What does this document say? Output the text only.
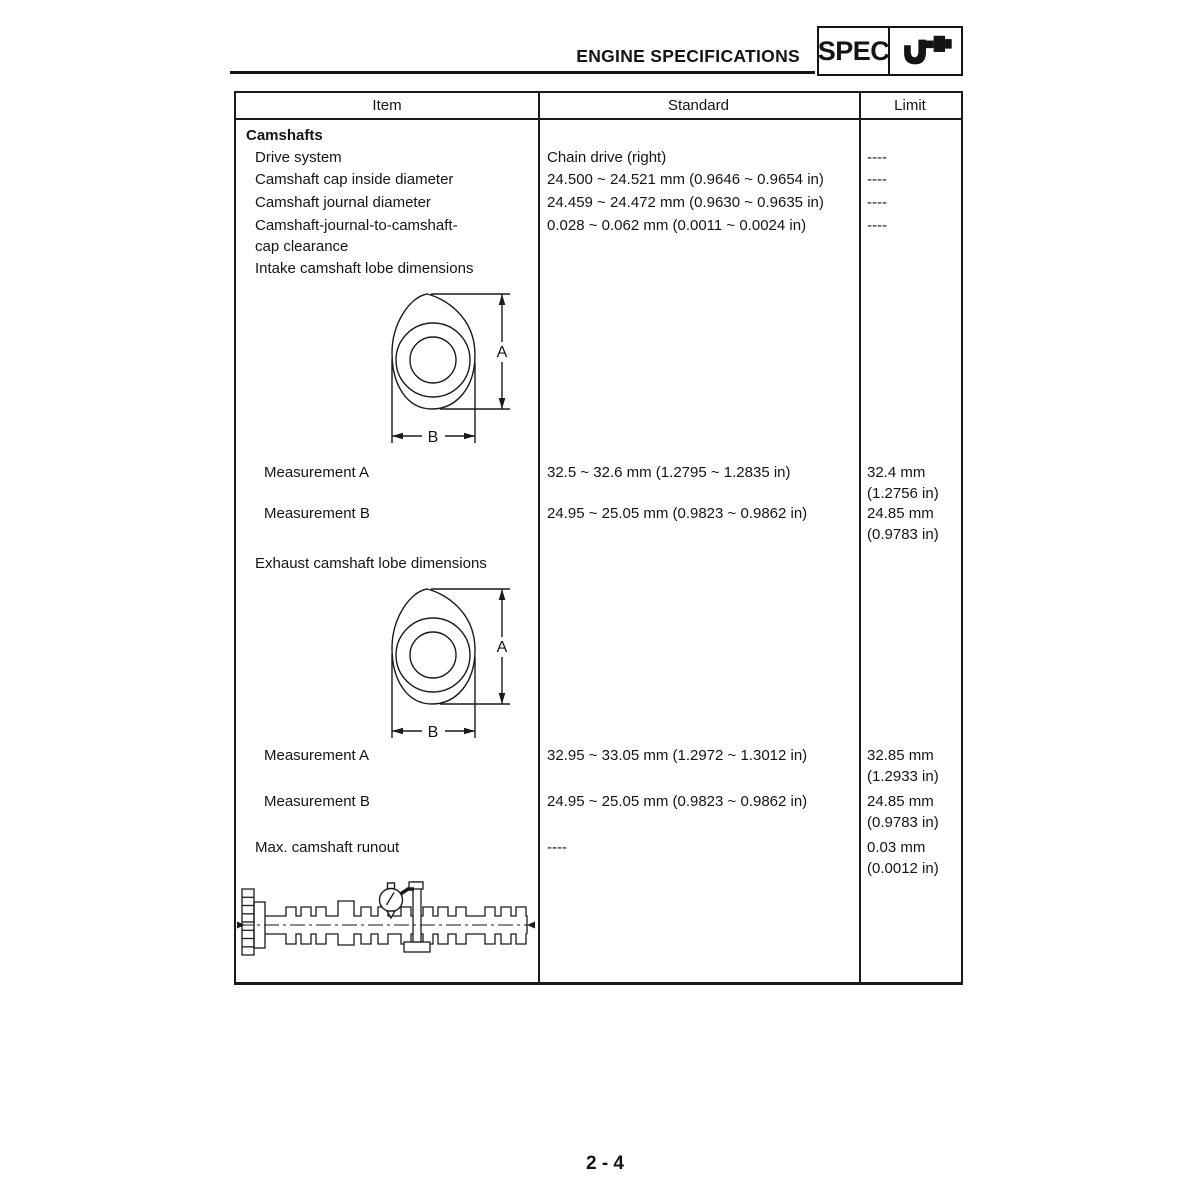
ENGINE SPECIFICATIONS SPEC
Item	Standard	Limit
Camshafts
Drive system	Chain drive (right)	----
Camshaft cap inside diameter	24.500 ~ 24.521 mm (0.9646 ~ 0.9654 in)	----
Camshaft journal diameter	24.459 ~ 24.472 mm (0.9630 ~ 0.9635 in)	----
Camshaft-journal-to-camshaft-
cap clearance
0.028 ~ 0.062 mm (0.0011 ~ 0.0024 in)	----
Intake camshaft lobe dimensions
A
B
Measurement A	32.5 ~ 32.6 mm (1.2795 ~ 1.2835 in)	32.4 mm
(1.2756 in)
Measurement B	24.95 ~ 25.05 mm (0.9823 ~ 0.9862 in)	24.85 mm
(0.9783 in)
Exhaust camshaft lobe dimensions
A
B
Measurement A	32.95 ~ 33.05 mm (1.2972 ~ 1.3012 in)	32.85 mm
(1.2933 in)
Measurement B	24.95 ~ 25.05 mm (0.9823 ~ 0.9862 in)	24.85 mm
(0.9783 in)
Max. camshaft runout	----	0.03 mm
(0.0012 in)
2 - 4
